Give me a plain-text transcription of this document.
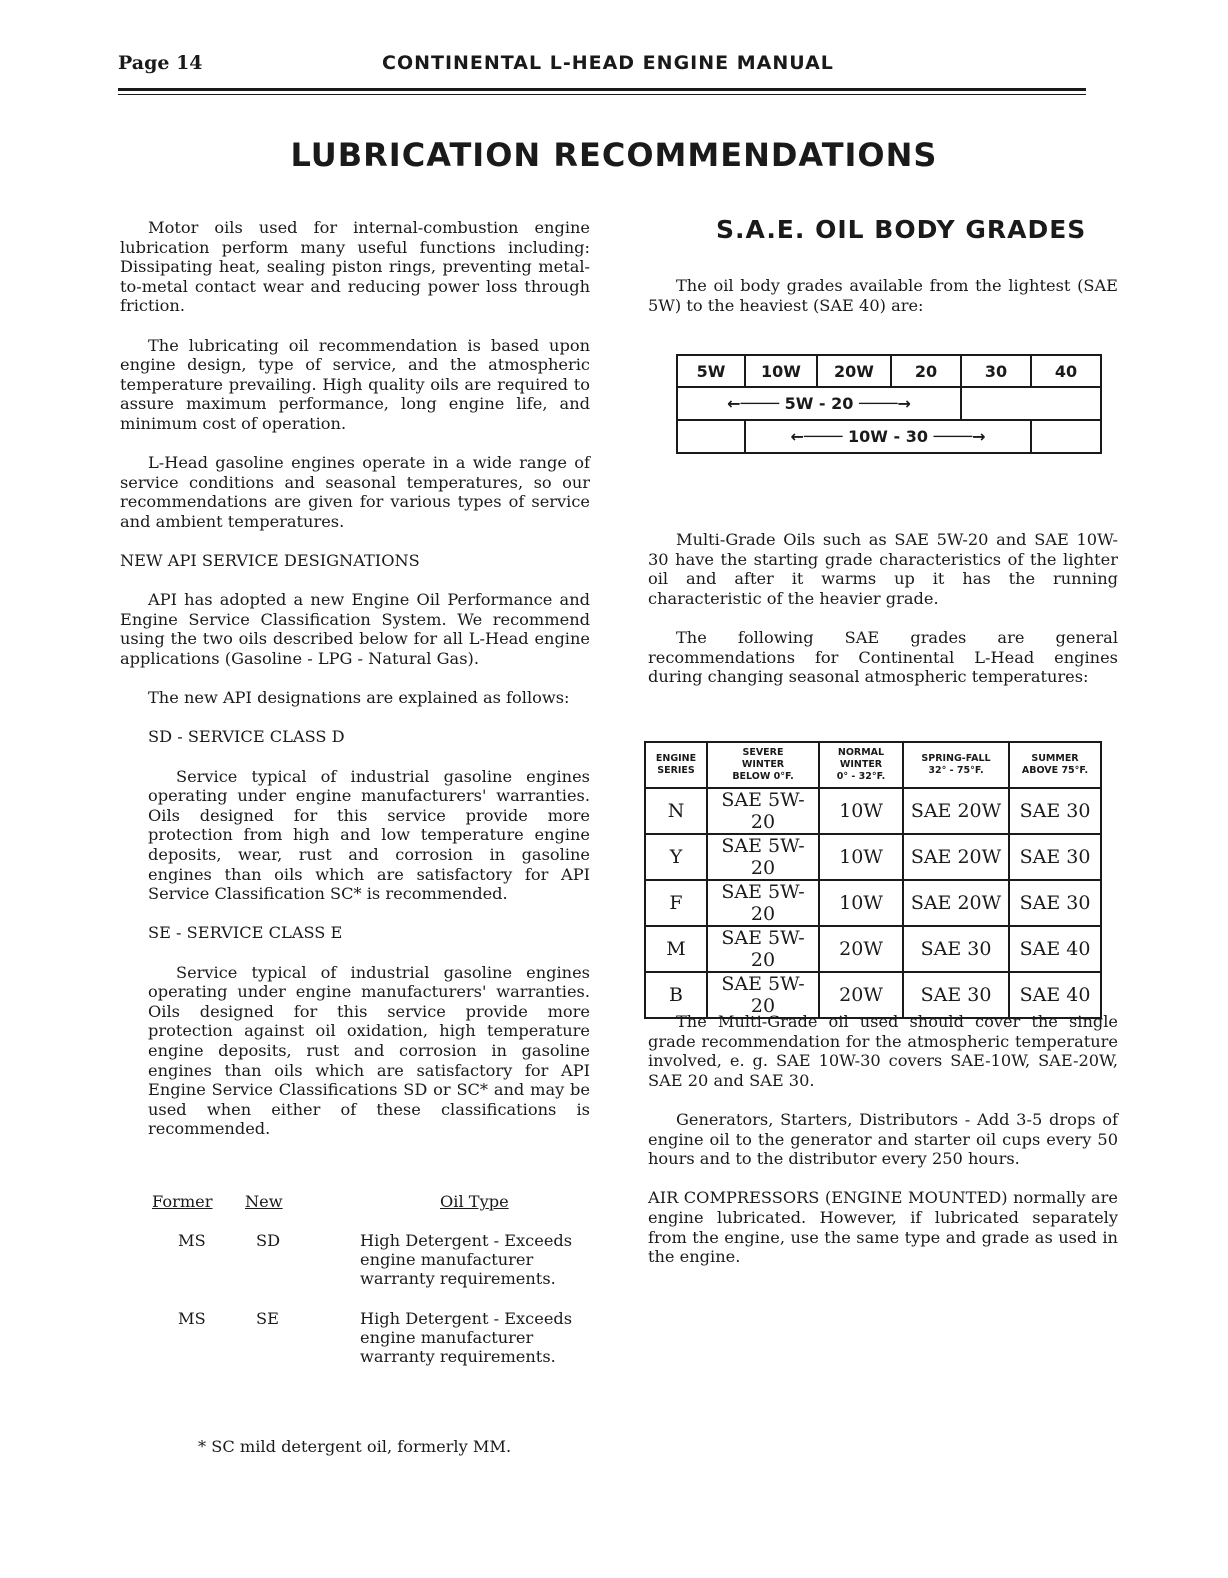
Page 14	CONTINENTAL L-HEAD ENGINE MANUAL
LUBRICATION RECOMMENDATIONS

Motor oils used for internal-combustion engine lubrication perform many useful functions including: Dissipating heat, sealing piston rings, preventing metal-to-metal contact wear and reducing power loss through friction.

The lubricating oil recommendation is based upon engine design, type of service, and the atmospheric temperature prevailing. High quality oils are required to assure maximum performance, long engine life, and minimum cost of operation.

L-Head gasoline engines operate in a wide range of service conditions and seasonal temperatures, so our recommendations are given for various types of service and ambient temperatures.

NEW API SERVICE DESIGNATIONS

API has adopted a new Engine Oil Performance and Engine Service Classification System. We recommend using the two oils described below for all L-Head engine applications (Gasoline - LPG - Natural Gas).

The new API designations are explained as follows:

SD - SERVICE CLASS D

Service typical of industrial gasoline engines operating under engine manufacturers' warranties. Oils designed for this service provide more protection from high and low temperature engine deposits, wear, rust and corrosion in gasoline engines than oils which are satisfactory for API Service Classification SC* is recommended.

SE - SERVICE CLASS E

Service typical of industrial gasoline engines operating under engine manufacturers' warranties. Oils designed for this service provide more protection against oil oxidation, high temperature engine deposits, rust and corrosion in gasoline engines than oils which are satisfactory for API Engine Service Classifications SD or SC* and may be used when either of these classifications is recommended.

Former New	Oil Type
MS	SD	High Detergent - Exceeds
engine manufacturer
warranty requirements.
MS	SE	High Detergent - Exceeds
engine manufacturer
warranty requirements.
* SC mild detergent oil, formerly MM.
S.A.E. OIL BODY GRADES

The oil body grades available from the lightest (SAE 5W) to the heaviest (SAE 40) are:

5W	10W	20W	20	30	40
←──── 5W - 20 ────→					
	←──── 10W - 30 ────→				

Multi-Grade Oils such as SAE 5W-20 and SAE 10W-30 have the starting grade characteristics of the lighter oil and after it warms up it has the running characteristic of the heavier grade.

The following SAE grades are general recommendations for Continental L-Head engines during changing seasonal atmospheric temperatures:

ENGINE
SERIES	SEVERE
WINTER
BELOW 0°F.	NORMAL
WINTER
0° - 32°F.	SPRING-FALL
32° - 75°F.	SUMMER
ABOVE 75°F.
N	SAE 5W-20	10W	SAE 20W	SAE 30
Y	SAE 5W-20	10W	SAE 20W	SAE 30
F	SAE 5W-20	10W	SAE 20W	SAE 30
M	SAE 5W-20	20W	SAE 30	SAE 40
B	SAE 5W-20	20W	SAE 30	SAE 40

The Multi-Grade oil used should cover the single grade recommendation for the atmospheric temperature involved, e. g. SAE 10W-30 covers SAE-10W, SAE-20W, SAE 20 and SAE 30.

Generators, Starters, Distributors - Add 3-5 drops of engine oil to the generator and starter oil cups every 50 hours and to the distributor every 250 hours.

AIR COMPRESSORS (ENGINE MOUNTED) normally are engine lubricated. However, if lubricated separately from the engine, use the same type and grade as used in the engine.
